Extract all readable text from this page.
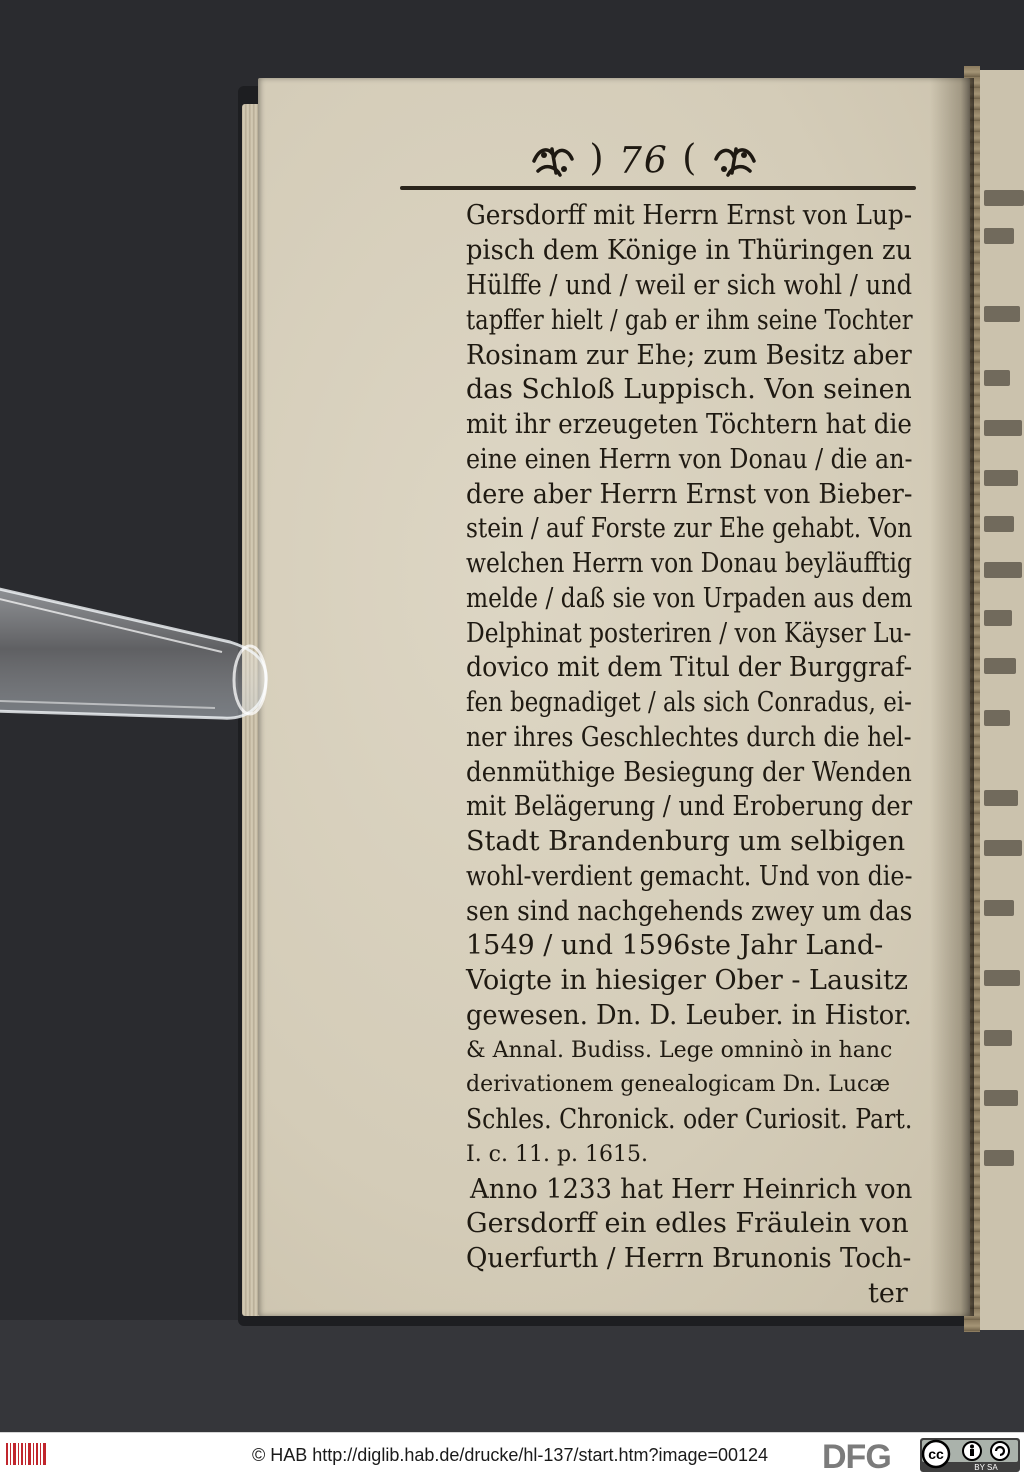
) 76 (
Gersdorff mit Herrn Ernst von Lup-
pisch dem Könige in Thüringen zu
Hülffe / und / weil er sich wohl / und
tapffer hielt / gab er ihm seine Tochter
Rosinam zur Ehe; zum Besitz aber
das Schloß Luppisch. Von seinen
mit ihr erzeugeten Töchtern hat die
eine einen Herrn von Donau / die an-
dere aber Herrn Ernst von Bieber-
stein / auf Forste zur Ehe gehabt. Von
welchen Herrn von Donau beyläufftig
melde / daß sie von Urpaden aus dem
Delphinat posteriren / von Käyser Lu-
dovico mit dem Titul der Burggraf-
fen begnadiget / als sich Conradus, ei-
ner ihres Geschlechtes durch die hel-
denmüthige Besiegung der Wenden
mit Belägerung / und Eroberung der
Stadt Brandenburg um selbigen
wohl-verdient gemacht. Und von die-
sen sind nachgehends zwey um das
1549 / und 1596ste Jahr Land-
Voigte in hiesiger Ober - Lausitz
gewesen. Dn. D. Leuber. in Histor.
& Annal. Budiss. Lege omninò in hanc
derivationem genealogicam Dn. Lucæ
Schles. Chronick. oder Curiosit. Part.
I. c. 11. p. 1615.
Anno 1233 hat Herr Heinrich von
Gersdorff ein edles Fräulein von
Querfurth / Herrn Brunonis Toch-
ter
© HAB http://diglib.hab.de/drucke/hl-137/start.htm?image=00124 DFG	cc
BY SA
